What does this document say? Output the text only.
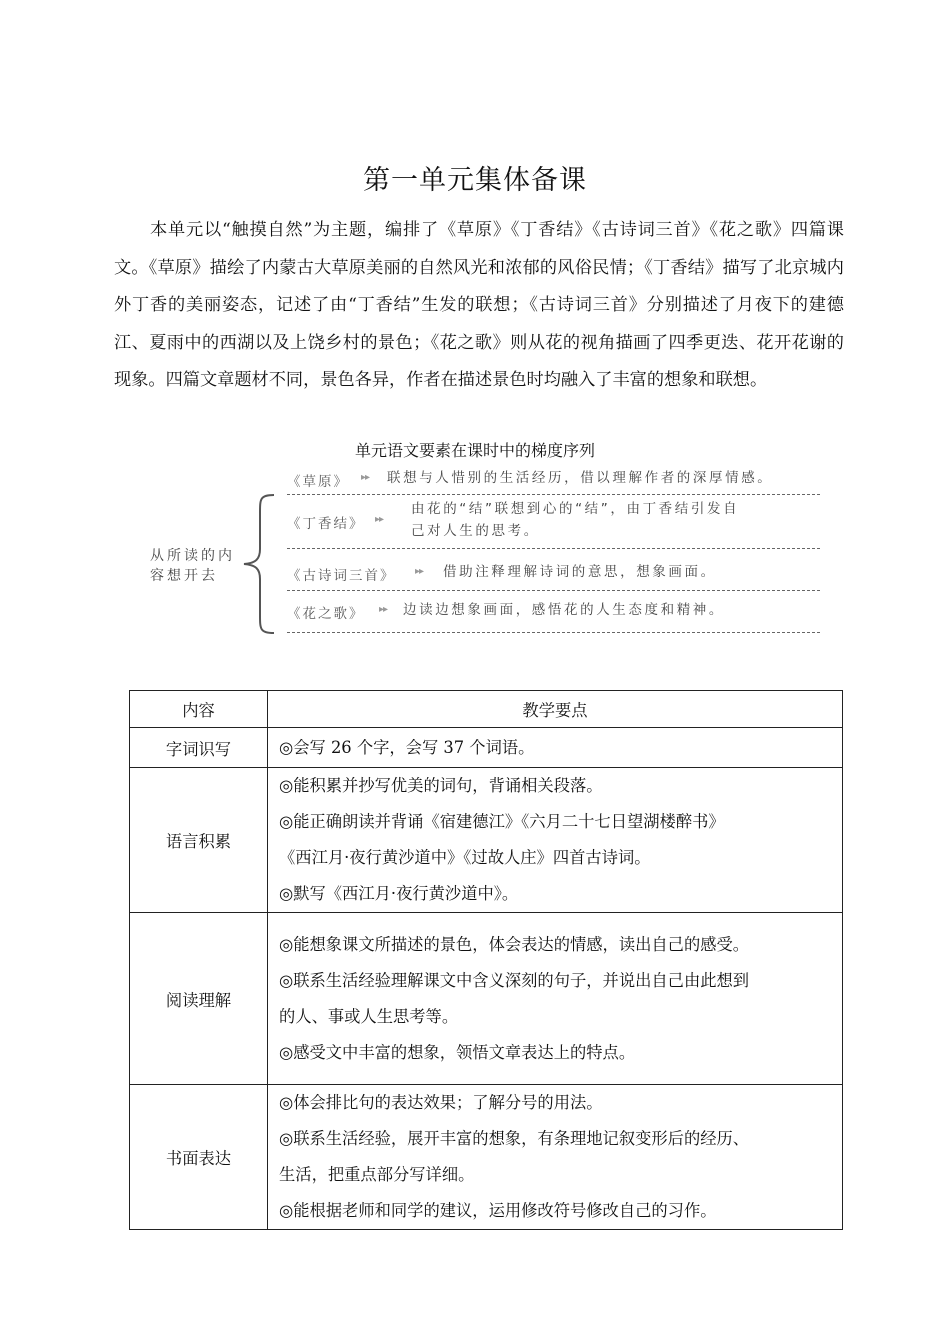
第一单元集体备课
本单元以“触摸自然”为主题，编排了《草原》《丁香结》《古诗词三首》《花之歌》四篇课文。《草原》描绘了内蒙古大草原美丽的自然风光和浓郁的风俗民情；《丁香结》描写了北京城内外丁香的美丽姿态，记述了由“丁香结”生发的联想；《古诗词三首》分别描述了月夜下的建德江、夏雨中的西湖以及上饶乡村的景色；《花之歌》则从花的视角描画了四季更迭、花开花谢的现象。四篇文章题材不同，景色各异，作者在描述景色时均融入了丰富的想象和联想。
单元语文要素在课时中的梯度序列
从所读的内容想开去
《草原》 ▸▸ 联想与人惜别的生活经历，借以理解作者的深厚情感。
《丁香结》 ▸▸
由花的“结”联想到心的“结”，由丁香结引发自
己对人生的思考。
《古诗词三首》 ▸▸ 借助注释理解诗词的意思，想象画面。
《花之歌》 ▸▸ 边读边想象画面，感悟花的人生态度和精神。
内容	教学要点
字词识写	◎会写 26 个字，会写 37 个词语。

语言积累	◎能积累并抄写优美的词句，背诵相关段落。
◎能正确朗读并背诵《宿建德江》《六月二十七日望湖楼醉书》
《西江月·夜行黄沙道中》《过故人庄》四首古诗词。
◎默写《西江月·夜行黄沙道中》。

阅读理解	◎能想象课文所描述的景色，体会表达的情感，读出自己的感受。
◎联系生活经验理解课文中含义深刻的句子，并说出自己由此想到
的人、事或人生思考等。
◎感受文中丰富的想象，领悟文章表达上的特点。

书面表达	◎体会排比句的表达效果；了解分号的用法。
◎联系生活经验，展开丰富的想象，有条理地记叙变形后的经历、
生活，把重点部分写详细。
◎能根据老师和同学的建议，运用修改符号修改自己的习作。
